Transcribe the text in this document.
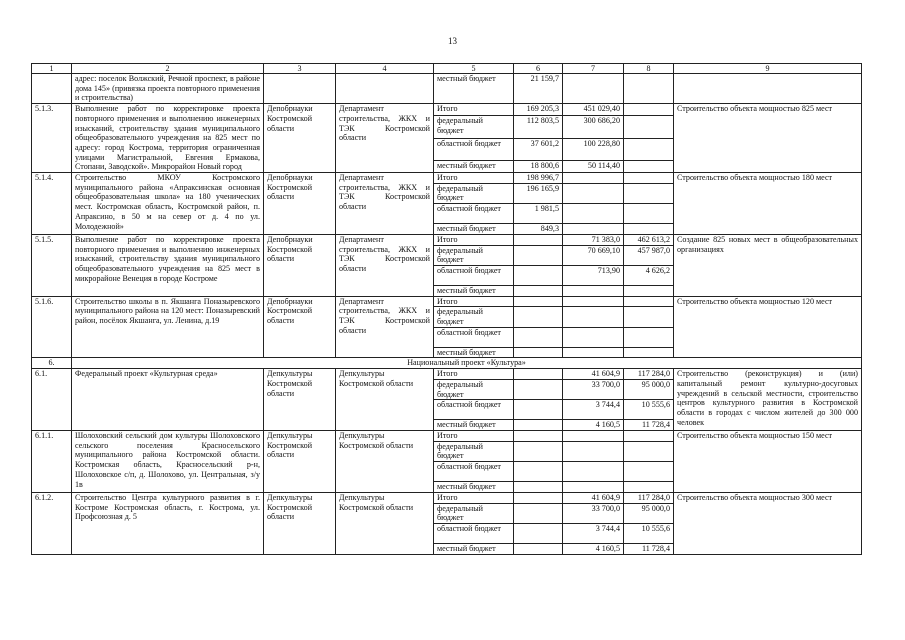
13
1	2	3	4	5	6	7	8	9
	адрес: поселок Волжский, Речной проспект, в районе дома 145» (привязка проекта повторного применения и строительства)			местный бюджет	21 159,7			
5.1.3.	Выполнение работ по корректировке проекта повторного применения и выполнению инженерных изысканий, строительству здания муниципального общеобразовательного учреждения на 825 мест по адресу: город Кострома, территория ограниченная улицами Магистральной, Евгения Ермакова, Стопани, Заводской». Микрорайон Новый город	Депобрнауки Костромской области	Департамент строительства, ЖКХ и ТЭК Костромской области	Итого	169 205,3	451 029,40		Строительство объекта мощностью 825 мест
				федеральный бюджет	112 803,5	300 686,20		
				областной бюджет	37 601,2	100 228,80		
				местный бюджет	18 800,6	50 114,40		
5.1.4.	Строительство МКОУ Костромского муниципального района «Апраксинская основная общеобразовательная школа» на 180 ученических мест. Костромская область, Костромской район, п. Апраксино, в 50 м на север от д. 4 по ул. Молодежной»	Депобрнауки Костромской области	Департамент строительства, ЖКХ и ТЭК Костромской области	Итого	198 996,7			Строительство объекта мощностью 180 мест
				федеральный бюджет	196 165,9			
				областной бюджет	1 981,5			
				местный бюджет	849,3			
5.1.5.	Выполнение работ по корректировке проекта повторного применения и выполнению инженерных изысканий, строительству здания муниципального общеобразовательного учреждения на 825 мест в микрорайоне Венеция в городе Костроме	Депобрнауки Костромской области	Департамент строительства, ЖКХ и ТЭК Костромской области	Итого		71 383,0	462 613,2	Создание 825 новых мест в общеобразовательных организациях
				федеральный бюджет		70 669,10	457 987,0	
				областной бюджет		713,90	4 626,2	
				местный бюджет				
5.1.6.	Строительство школы в п. Якшанга Поназыревского муниципального района на 120 мест: Поназыревский район, посёлок Якшанга, ул. Ленина, д.19	Депобрнауки Костромской области	Департамент строительства, ЖКХ и ТЭК Костромской области	Итого				Строительство объекта мощностью 120 мест
				федеральный бюджет				
				областной бюджет				
				местный бюджет				
6.	Национальный проект «Культура»							
6.1.	Федеральный проект «Культурная среда»	Депкультуры Костромской области	Депкультуры Костромской области	Итого		41 604,9	117 284,0	Строительство (реконструкция) и (или) капитальный ремонт культурно-досуговых учреждений в сельской местности, строительство центров культурного развития в Костромской области в городах с числом жителей до 300 000 человек
				федеральный бюджет		33 700,0	95 000,0	
				областной бюджет		3 744,4	10 555,6	
				местный бюджет		4 160,5	11 728,4	
6.1.1.	Шолоховский сельский дом культуры Шолоховского сельского поселения Красносельского муниципального района Костромской области. Костромская область, Красносельский р-н, Шолоховское с/п, д. Шолохово, ул. Центральная, з/у 1в	Депкультуры Костромской области	Депкультуры Костромской области	Итого				Строительство объекта мощностью 150 мест
				федеральный бюджет				
				областной бюджет				
				местный бюджет				
6.1.2.	Строительство Центра культурного развития в г. Костроме Костромская область, г. Кострома, ул. Профсоюзная д. 5	Депкультуры Костромской области	Депкультуры Костромской области	Итого		41 604,9	117 284,0	Строительство объекта мощностью 300 мест
				федеральный бюджет		33 700,0	95 000,0	
				областной бюджет		3 744,4	10 555,6	
				местный бюджет		4 160,5	11 728,4	
